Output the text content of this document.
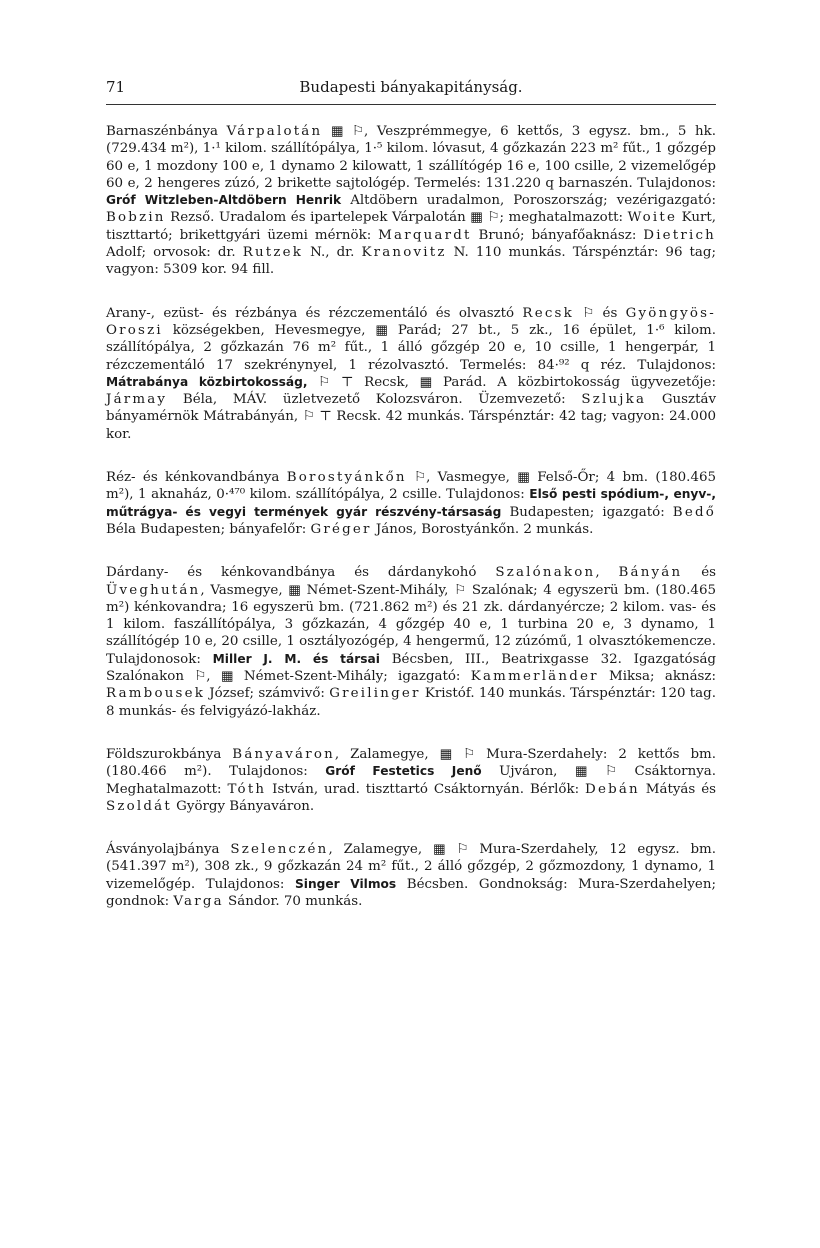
71	Budapesti bányakapitányság.

Barnaszénbánya Várpalotán ▦ ⚐, Veszprémmegye, 6 kettős, 3 egysz. bm., 5 hk. (729.434 m²), 1·¹ kilom. szállítópálya, 1·⁵ kilom. lóvasut, 4 gőzkazán 223 m² fűt., 1 gőzgép 60 e, 1 mozdony 100 e, 1 dynamo 2 kilowatt, 1 szállítógép 16 e, 100 csille, 2 vizemelőgép 60 e, 2 hengeres zúzó, 2 brikette sajtológép. Termelés: 131.220 q barnaszén. Tulajdonos: Gróf Witzleben-Altdöbern Henrik Altdöbern uradalmon, Poroszország; vezérigazgató: Bobzin Rezső. Uradalom és ipartelepek Várpalotán ▦ ⚐; meghatalmazott: Woite Kurt, tiszttartó; brikettgyári üzemi mérnök: Marquardt Brunó; bányafőaknász: Dietrich Adolf; orvosok: dr. Rutzek N., dr. Kranovitz N. 110 munkás. Társpénztár: 96 tag; vagyon: 5309 kor. 94 fill.

Arany-, ezüst- és rézbánya és rézczementáló és olvasztó Recsk ⚐ és Gyöngyös-Oroszi községekben, Hevesmegye, ▦ Parád; 27 bt., 5 zk., 16 épület, 1·⁶ kilom. szállítópálya, 2 gőzkazán 76 m² fűt., 1 álló gőzgép 20 e, 10 csille, 1 hengerpár, 1 rézczementáló 17 szekrénynyel, 1 rézolvasztó. Termelés: 84·⁹² q réz. Tulajdonos: Mátrabánya közbirtokosság, ⚐ ⊤ Recsk, ▦ Parád. A közbirtokosság ügyvezetője: Jármay Béla, MÁV. üzletvezető Kolozsváron. Üzemvezető: Szlujka Gusztáv bányamérnök Mátrabányán, ⚐ ⊤ Recsk. 42 munkás. Társpénztár: 42 tag; vagyon: 24.000 kor.

Réz- és kénkovandbánya Borostyánkőn ⚐, Vasmegye, ▦ Felső-Őr; 4 bm. (180.465 m²), 1 aknaház, 0·⁴⁷⁰ kilom. szállítópálya, 2 csille. Tulajdonos: Első pesti spódium-, enyv-, műtrágya- és vegyi termények gyár részvény-társaság Budapesten; igazgató: Bedő Béla Budapesten; bányafelőr: Gréger János, Borostyánkőn. 2 munkás.

Dárdany- és kénkovandbánya és dárdanykohó Szalónakon, Bányán és Üveghután, Vasmegye, ▦ Német-Szent-Mihály, ⚐ Szalónak; 4 egyszerü bm. (180.465 m²) kénkovandra; 16 egyszerü bm. (721.862 m²) és 21 zk. dárdanyércze; 2 kilom. vas- és 1 kilom. faszállítópálya, 3 gőzkazán, 4 gőzgép 40 e, 1 turbina 20 e, 3 dynamo, 1 szállítógép 10 e, 20 csille, 1 osztályozógép, 4 hengermű, 12 zúzómű, 1 olvasztókemencze. Tulajdonosok: Miller J. M. és társai Bécsben, III., Beatrixgasse 32. Igazgatóság Szalónakon ⚐, ▦ Német-Szent-Mihály; igazgató: Kammerländer Miksa; aknász: Rambousek József; számvivő: Greilinger Kristóf. 140 munkás. Társpénztár: 120 tag. 8 munkás- és felvigyázó-lakház.

Földszurokbánya Bányaváron, Zalamegye, ▦ ⚐ Mura-Szerdahely: 2 kettős bm. (180.466 m²). Tulajdonos: Gróf Festetics Jenő Ujváron, ▦ ⚐ Csáktornya. Meghatalmazott: Tóth István, urad. tiszttartó Csáktornyán. Bérlők: Debán Mátyás és Szoldát György Bányaváron.

Ásványolajbánya Szelenczén, Zalamegye, ▦ ⚐ Mura-Szerdahely, 12 egysz. bm. (541.397 m²), 308 zk., 9 gőzkazán 24 m² fűt., 2 álló gőzgép, 2 gőzmozdony, 1 dynamo, 1 vizemelőgép. Tulajdonos: Singer Vilmos Bécsben. Gondnokság: Mura-Szerdahelyen; gondnok: Varga Sándor. 70 munkás.
